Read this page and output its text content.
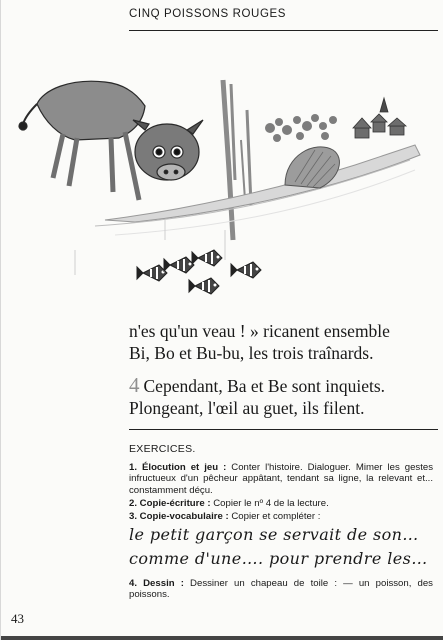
CINQ POISSONS ROUGES

n'es qu'un veau ! » ricanent ensemble

Bi, Bo et Bu-bu, les trois traînards.

4 Cependant, Ba et Be sont inquiets.

Plongeant, l'œil au guet, ils filent.

EXERCICES.

1. Élocution et jeu : Conter l'histoire. Dialoguer. Mimer les gestes infructueux d'un pêcheur appâtant, tendant sa ligne, la relevant et... constamment déçu.

2. Copie-écriture : Copier le nº 4 de la lecture.

3. Copie-vocabulaire : Copier et compléter :

le petit garçon se servait de son…

comme d'une…. pour prendre les…

4. Dessin : Dessiner un chapeau de toile : — un poisson, des poissons.

43
